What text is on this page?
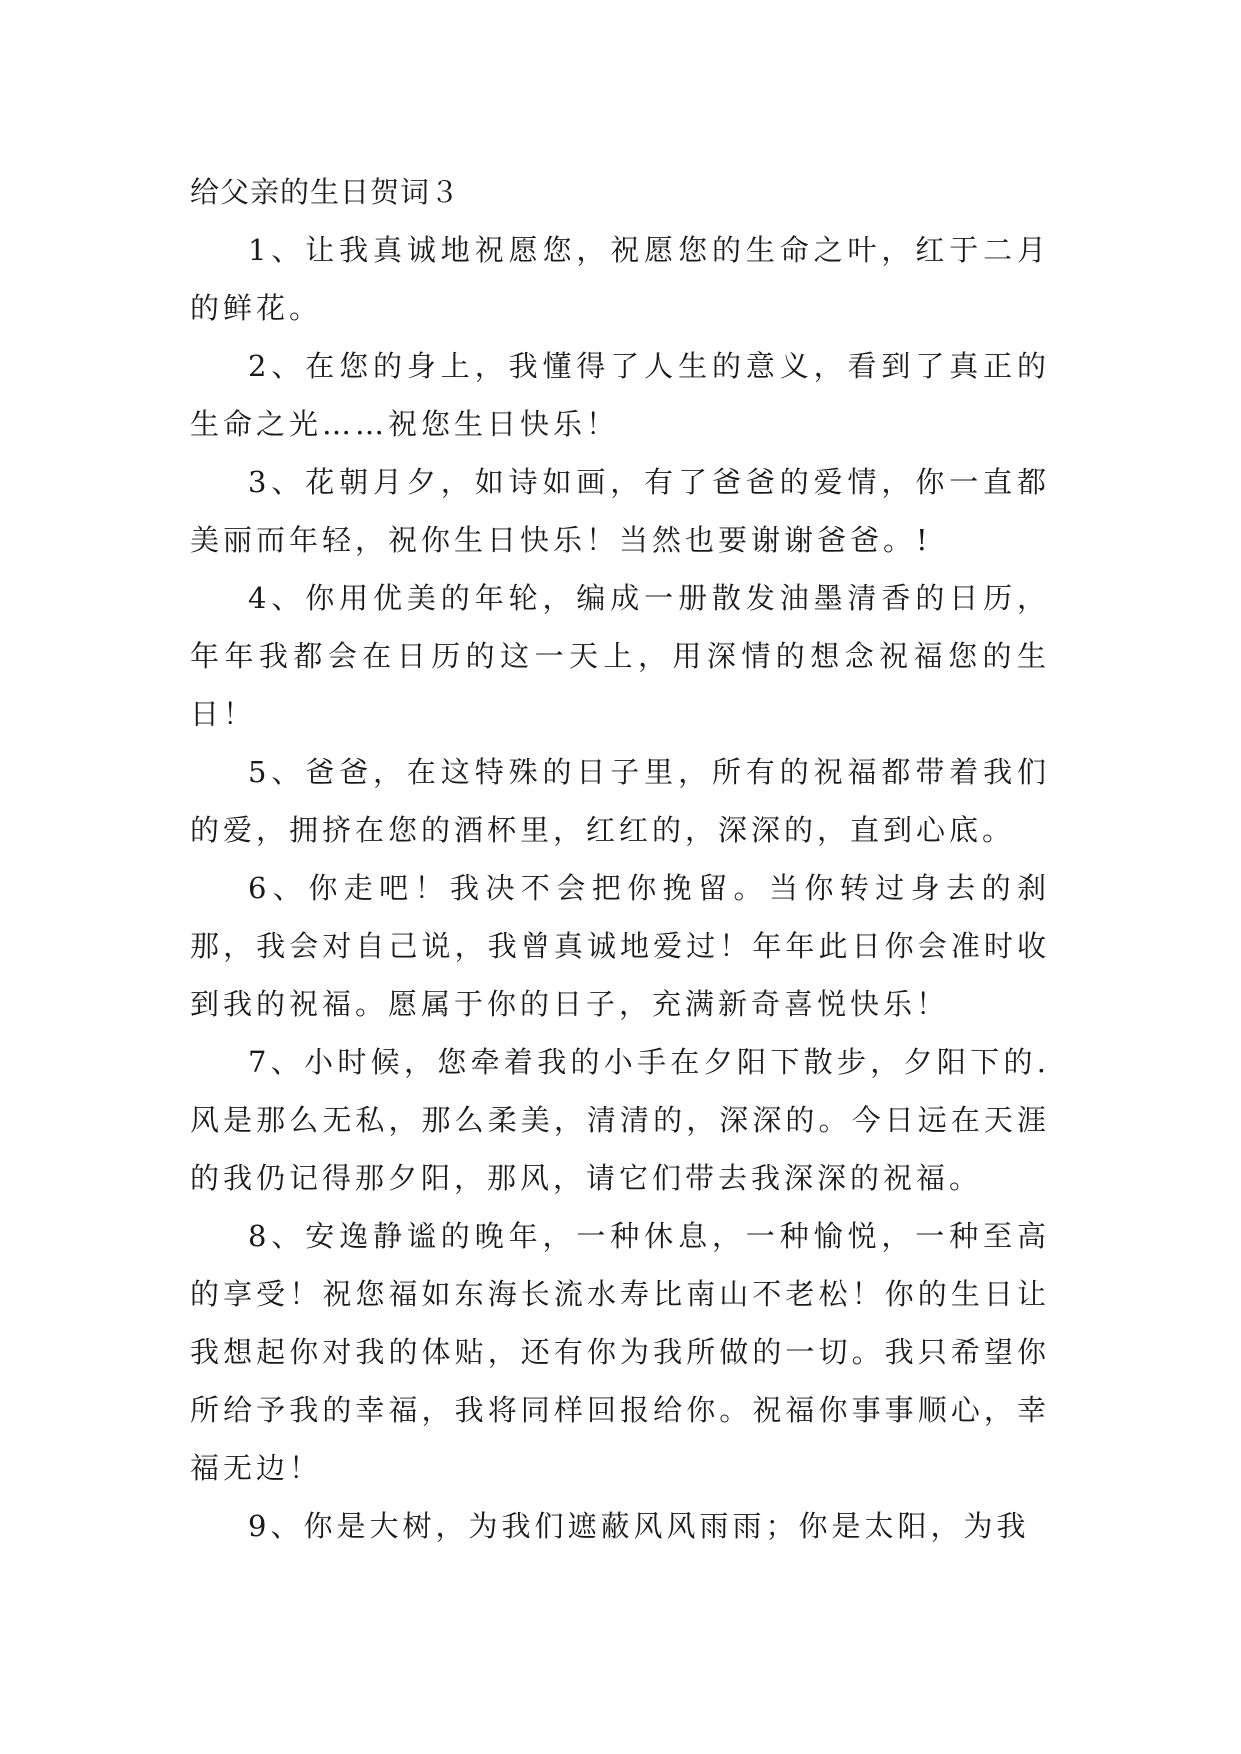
给父亲的生日贺词３

1、让我真诚地祝愿您，祝愿您的生命之叶，红于二月的鲜花。

2、在您的身上，我懂得了人生的意义，看到了真正的生命之光……祝您生日快乐！

3、花朝月夕，如诗如画，有了爸爸的爱情，你一直都美丽而年轻，祝你生日快乐！当然也要谢谢爸爸。!

4、你用优美的年轮，编成一册散发油墨清香的日历，年年我都会在日历的这一天上，用深情的想念祝福您的生日！

5、爸爸，在这特殊的日子里，所有的祝福都带着我们的爱，拥挤在您的酒杯里，红红的，深深的，直到心底。

6、你走吧！我决不会把你挽留。当你转过身去的刹那，我会对自己说，我曾真诚地爱过！年年此日你会准时收到我的祝福。愿属于你的日子，充满新奇喜悦快乐！

7、小时候，您牵着我的小手在夕阳下散步，夕阳下的.风是那么无私，那么柔美，清清的，深深的。今日远在天涯的我仍记得那夕阳，那风，请它们带去我深深的祝福。

8、安逸静谧的晚年，一种休息，一种愉悦，一种至高的享受！祝您福如东海长流水寿比南山不老松！你的生日让我想起你对我的体贴，还有你为我所做的一切。我只希望你所给予我的幸福，我将同样回报给你。祝福你事事顺心，幸福无边！

9、你是大树，为我们遮蔽风风雨雨；你是太阳，为我
